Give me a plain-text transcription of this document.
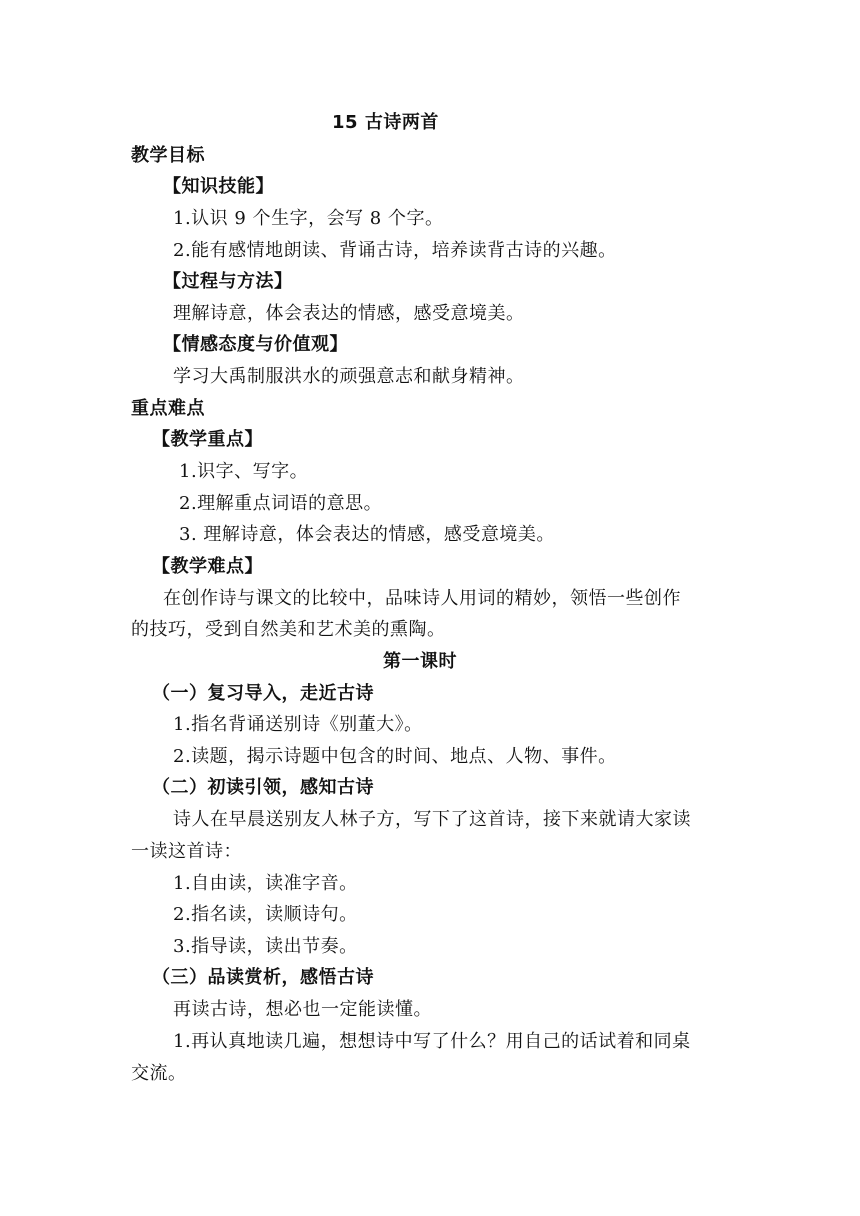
15 古诗两首
教学目标
【知识技能】
1.认识 9 个生字，会写 8 个字。
2.能有感情地朗读、背诵古诗，培养读背古诗的兴趣。
【过程与方法】
理解诗意，体会表达的情感，感受意境美。
【情感态度与价值观】
学习大禹制服洪水的顽强意志和献身精神。
重点难点
【教学重点】
1.识字、写字。
2.理解重点词语的意思。
3. 理解诗意，体会表达的情感，感受意境美。
【教学难点】
在创作诗与课文的比较中，品味诗人用词的精妙，领悟一些创作
的技巧，受到自然美和艺术美的熏陶。
第一课时
（一）复习导入，走近古诗
1.指名背诵送别诗《别董大》。
2.读题，揭示诗题中包含的时间、地点、人物、事件。
（二）初读引领，感知古诗
诗人在早晨送别友人林子方，写下了这首诗，接下来就请大家读
一读这首诗：
1.自由读，读准字音。
2.指名读，读顺诗句。
3.指导读，读出节奏。
（三）品读赏析，感悟古诗
再读古诗，想必也一定能读懂。
1.再认真地读几遍，想想诗中写了什么？用自己的话试着和同桌
交流。
